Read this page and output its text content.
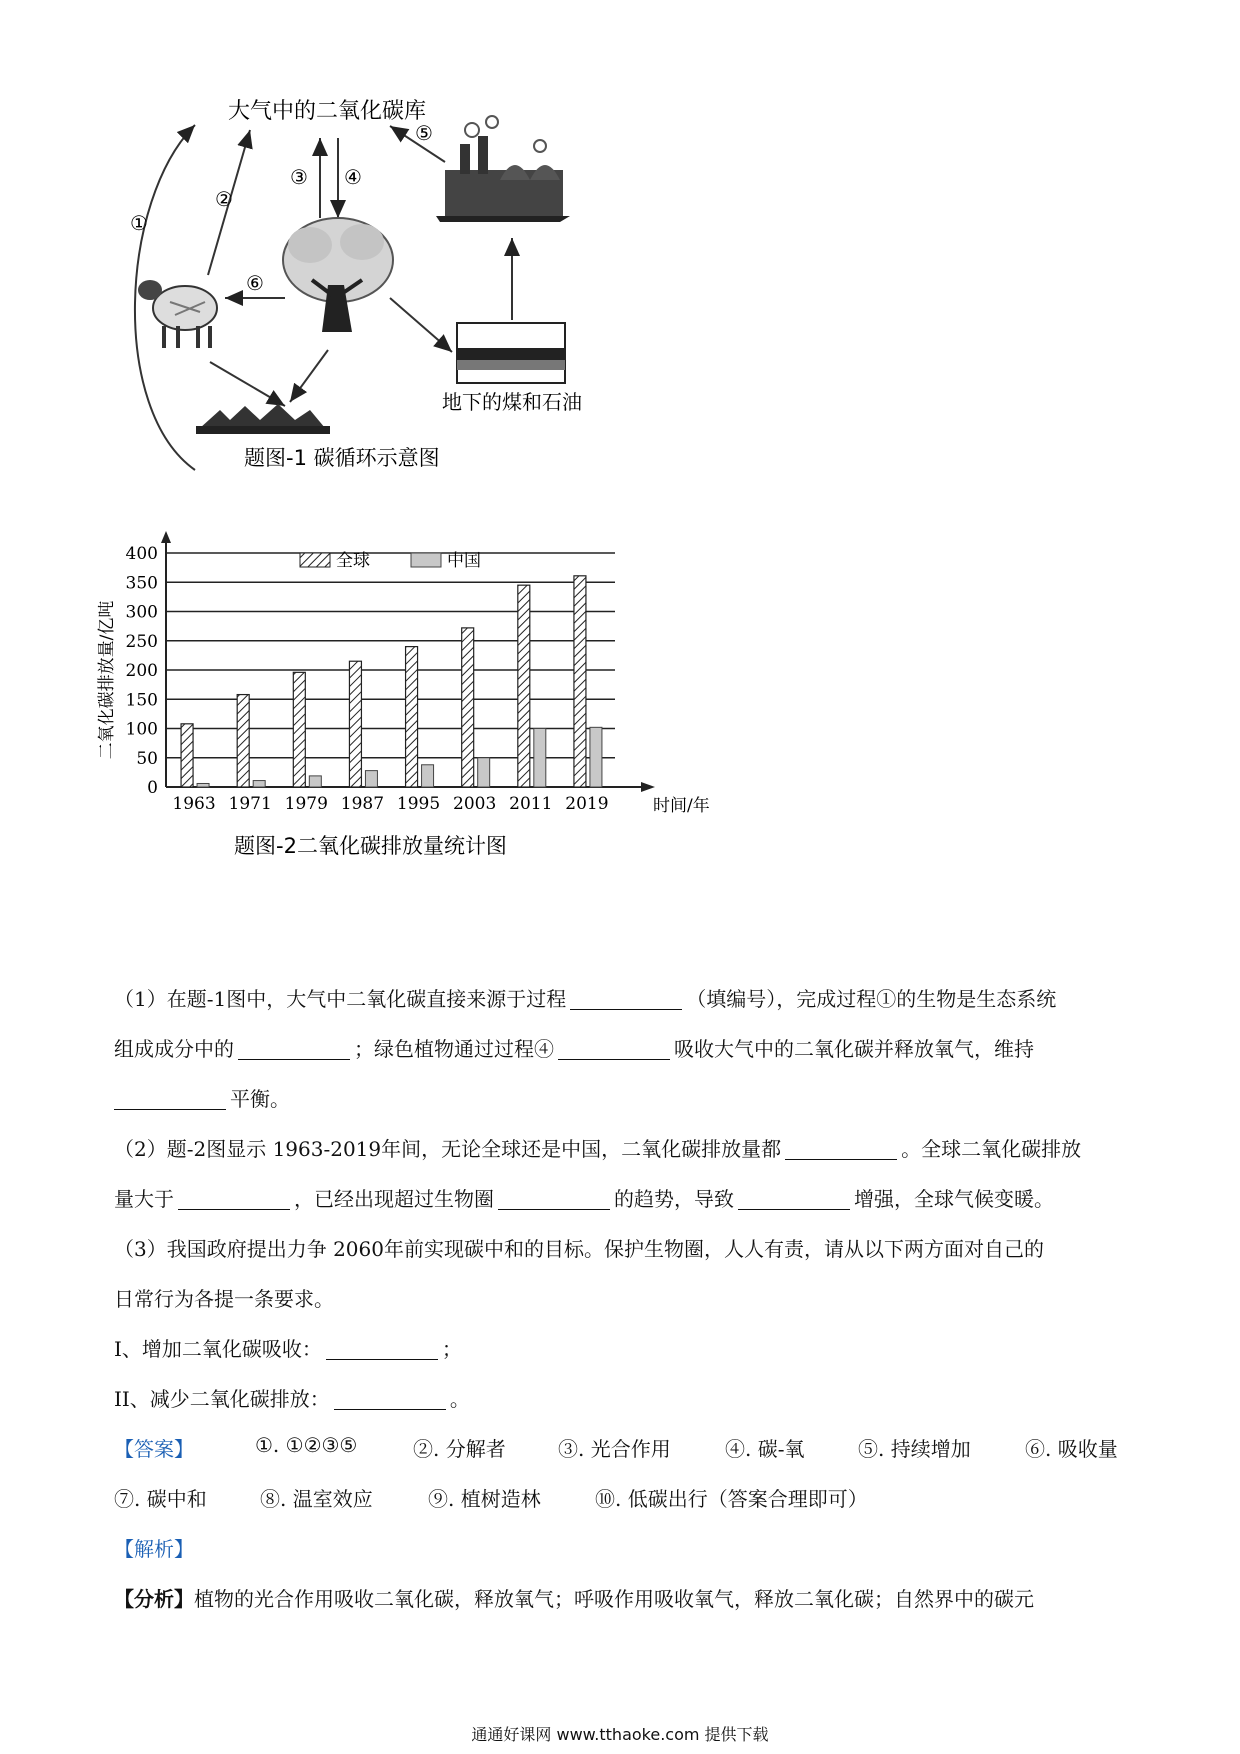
大气中的二氧化碳库
①
②
③ ④
⑤
⑥
地下的煤和石油
题图-1 碳循环示意图
0
50
100
150
200
250
300
350
400
1963 1971 1979 1987 1995 2003 2011 2019	时间/年
二氧化碳排放量/亿吨
全球	中国
题图-2二氧化碳排放量统计图
（1）在题-1图中，大气中二氧化碳直接来源于过程	（填编号），完成过程①的生物是生态系统
组成成分中的	；绿色植物通过过程④	吸收大气中的二氧化碳并释放氧气，维持
平衡。
（2）题-2图显示 1963-2019年间，无论全球还是中国，二氧化碳排放量都	。全球二氧化碳排放
量大于	，已经出现超过生物圈	的趋势，导致	增强，全球气候变暖。
（3）我国政府提出力争 2060年前实现碳中和的目标。保护生物圈，人人有责，请从以下两方面对自己的
日常行为各提一条要求。
I、增加二氧化碳吸收：	；
II、减少二氧化碳排放：	。
【答案】	①. ①②③⑤	②. 分解者	③. 光合作用	④. 碳-氧	⑤. 持续增加	⑥. 吸收量
⑦. 碳中和	⑧. 温室效应	⑨. 植树造林	⑩. 低碳出行（答案合理即可）
【解析】
【分析】植物的光合作用吸收二氧化碳，释放氧气；呼吸作用吸收氧气，释放二氧化碳；自然界中的碳元
通通好课网 www.tthaoke.com 提供下载
